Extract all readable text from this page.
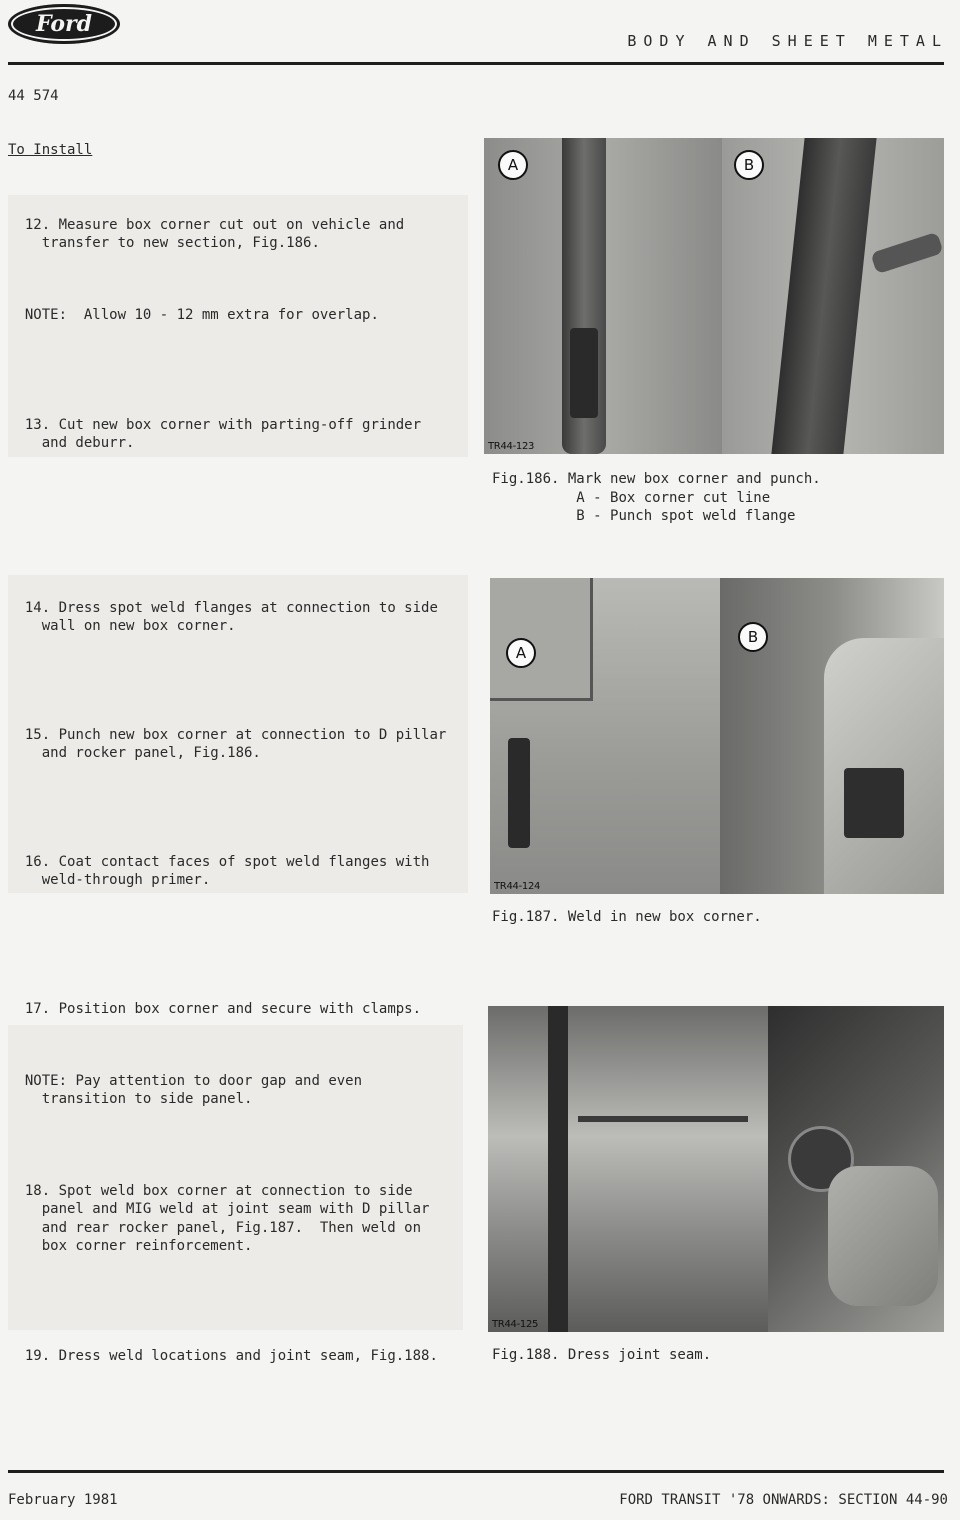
Ford
BODY AND SHEET METAL
44 574
To Install

12. Measure box corner cut out on vehicle and
transfer to new section, Fig.186.

NOTE: Allow 10 - 12 mm extra for overlap.

13. Cut new box corner with parting-off grinder
and deburr.

14. Dress spot weld flanges at connection to side
wall on new box corner.

15. Punch new box corner at connection to D pillar
and rocker panel, Fig.186.

16. Coat contact faces of spot weld flanges with
weld-through primer.

17. Position box corner and secure with clamps.

NOTE: Pay attention to door gap and even
transition to side panel.

18. Spot weld box corner at connection to side
panel and MIG weld at joint seam with D pillar
and rear rocker panel, Fig.187.  Then weld on
box corner reinforcement.

19. Dress weld locations and joint seam, Fig.188.

A	B
TR44-123
Fig.186. Mark new box corner and punch.
A - Box corner cut line
B - Punch spot weld flange
A
B
TR44-124
Fig.187. Weld in new box corner.
TR44-125
Fig.188. Dress joint seam.
February 1981	FORD TRANSIT '78 ONWARDS: SECTION 44-90
